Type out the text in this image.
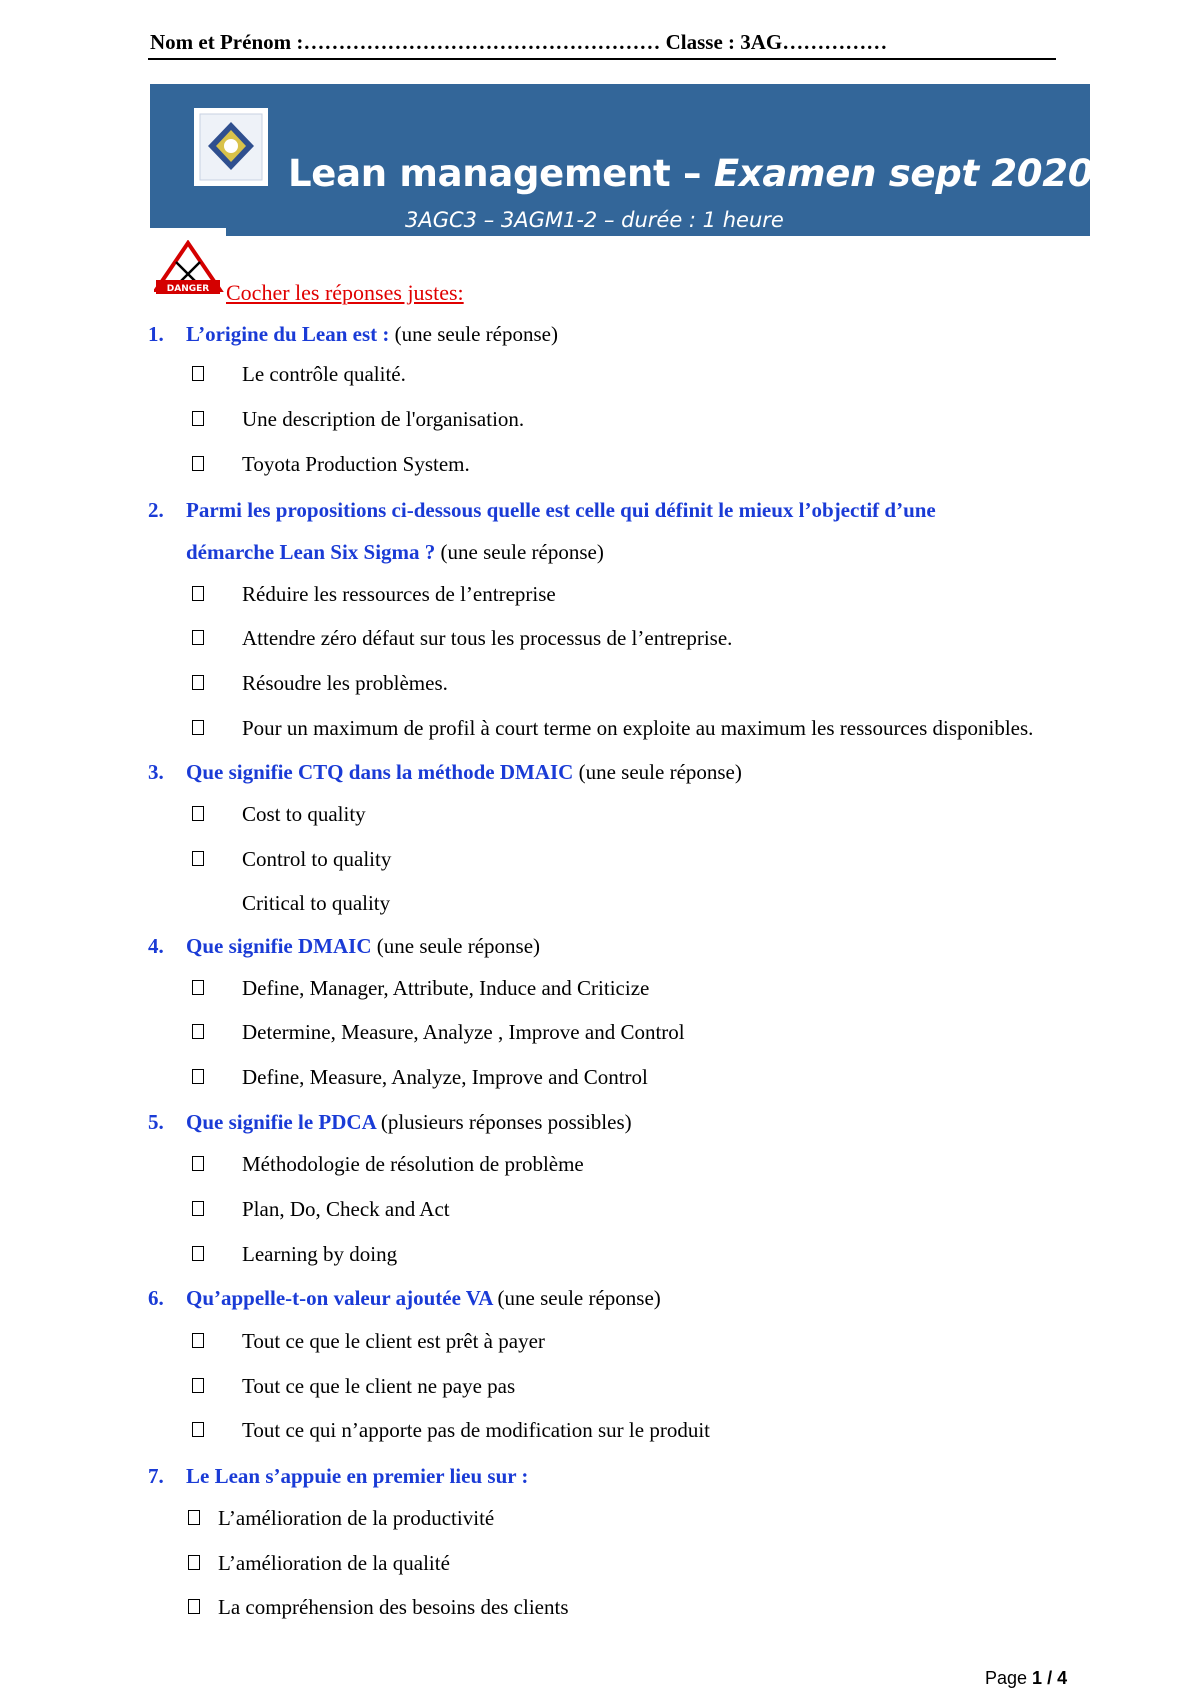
Nom et Prénom :…………………………………………… Classe : 3AG……………
Lean management – Examen sept 2020
3AGC3 – 3AGM1-2 – durée : 1 heure
DANGER Cocher les réponses justes:
1. L’origine du Lean est : (une seule réponse)
Le contrôle qualité.
Une description de l'organisation.
Toyota Production System.
2. Parmi les propositions ci-dessous quelle est celle qui définit le mieux l’objectif d’une
démarche Lean Six Sigma ? (une seule réponse)
Réduire les ressources de l’entreprise
Attendre zéro défaut sur tous les processus de l’entreprise.
Résoudre les problèmes.
Pour un maximum de profil à court terme on exploite au maximum les ressources disponibles.
3. Que signifie CTQ dans la méthode DMAIC (une seule réponse)
Cost to quality
Control to quality
Critical to quality
4. Que signifie DMAIC (une seule réponse)
Define, Manager, Attribute, Induce and Criticize
Determine, Measure, Analyze , Improve and Control
Define, Measure, Analyze, Improve and Control
5. Que signifie le PDCA (plusieurs réponses possibles)
Méthodologie de résolution de problème
Plan, Do, Check and Act
Learning by doing
6. Qu’appelle-t-on valeur ajoutée VA (une seule réponse)
Tout ce que le client est prêt à payer
Tout ce que le client ne paye pas
Tout ce qui n’apporte pas de modification sur le produit
7. Le Lean s’appuie en premier lieu sur :
L’amélioration de la productivité
L’amélioration de la qualité
La compréhension des besoins des clients
Page 1 / 4
